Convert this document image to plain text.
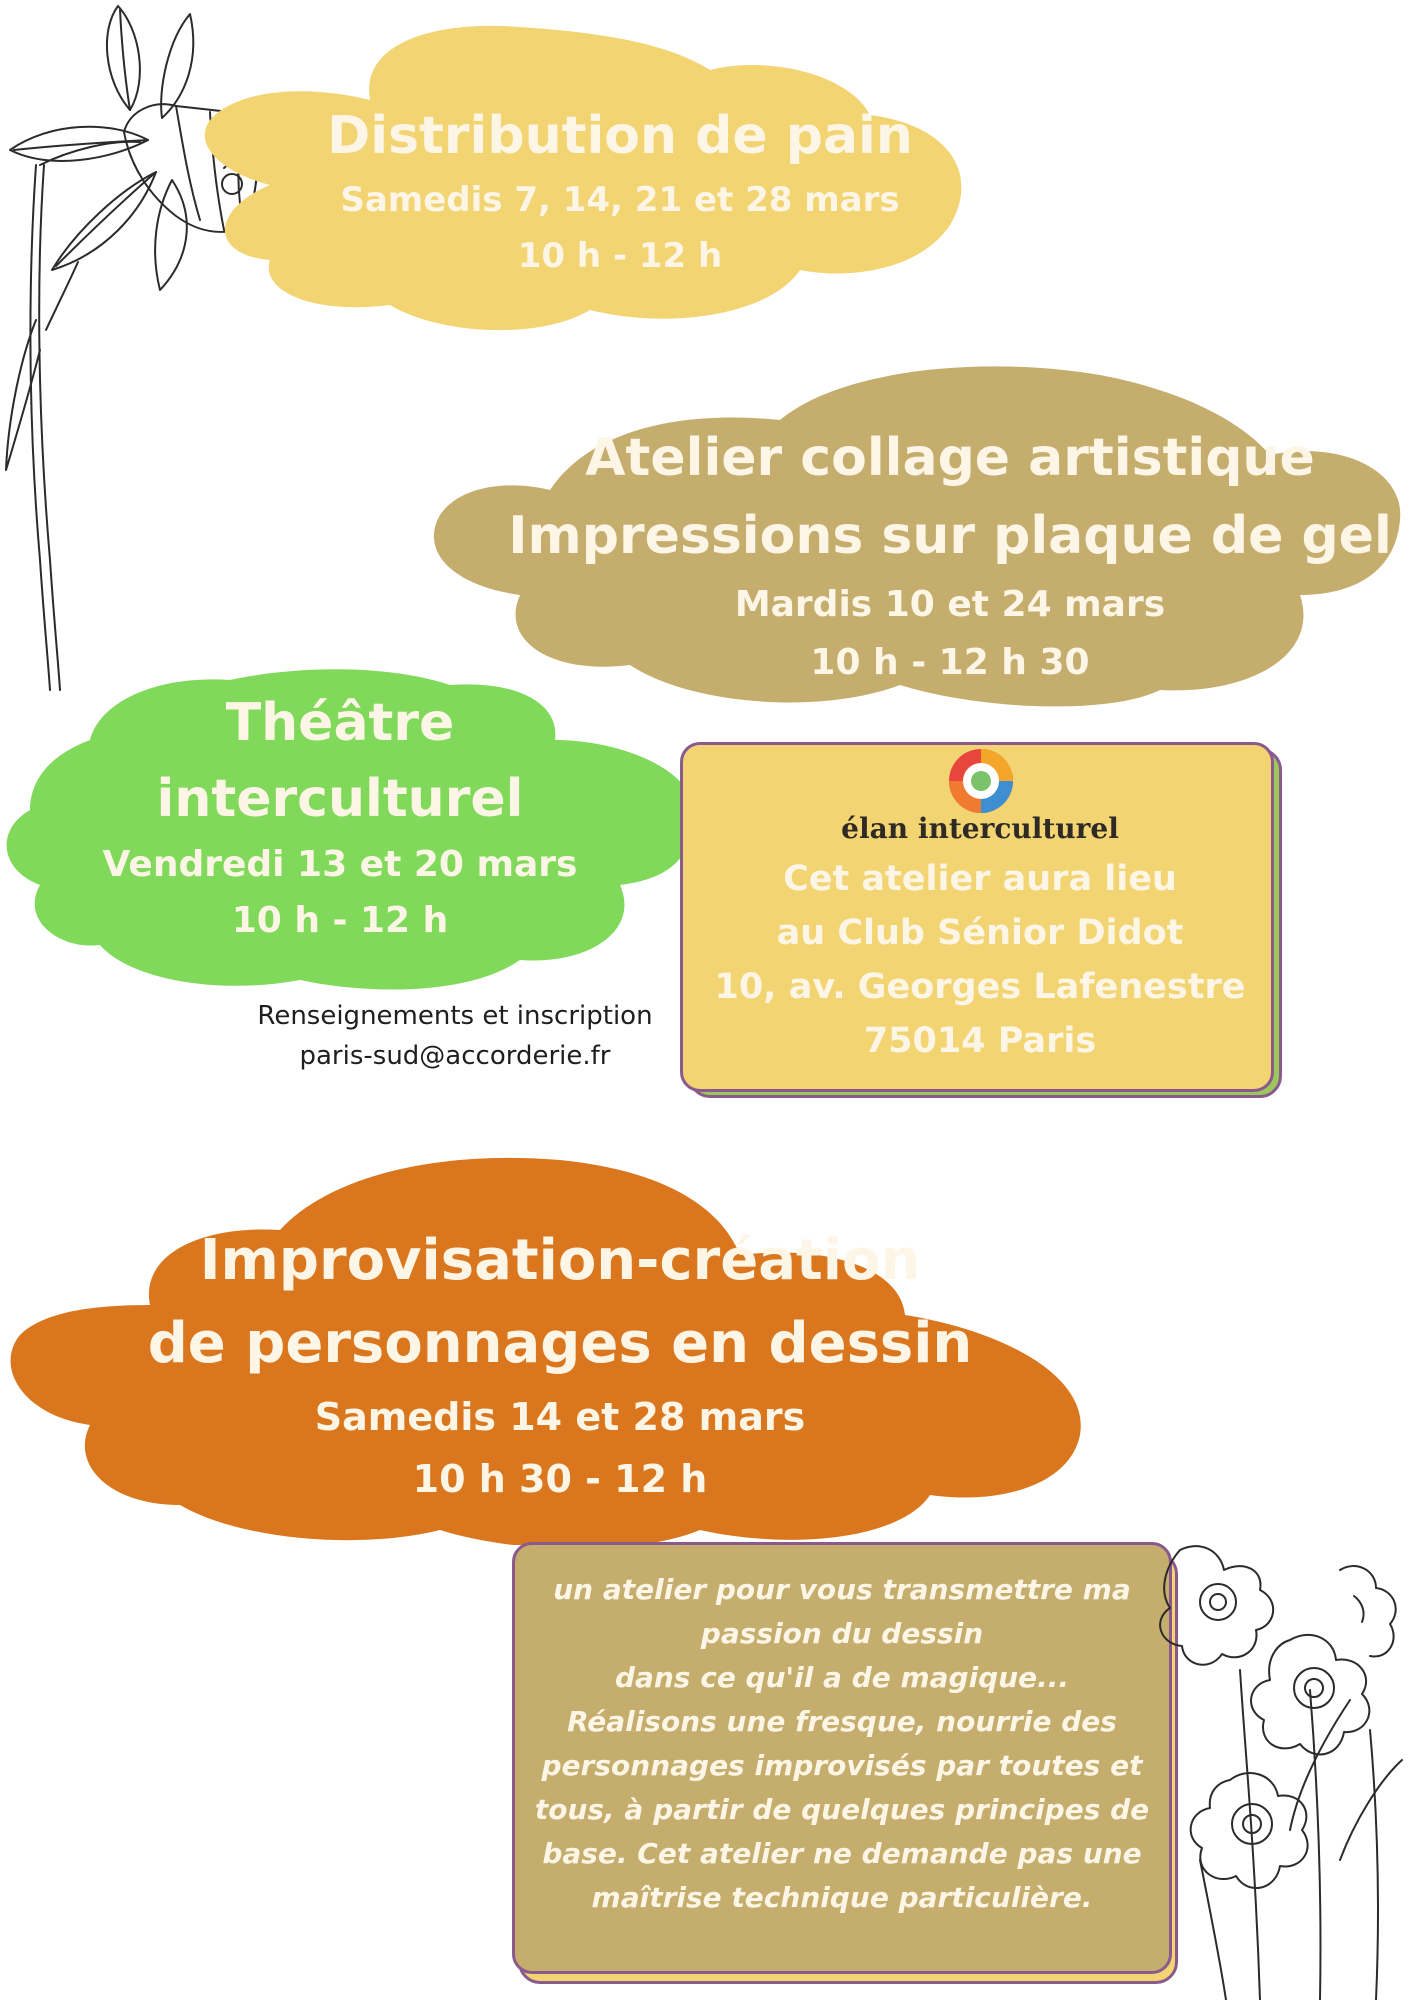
Distribution de pain
Samedis 7, 14, 21 et 28 mars
10 h - 12 h
Atelier collage artistique
Impressions sur plaque de gel
Mardis 10 et 24 mars
10 h - 12 h 30
Théâtre
interculturel
Vendredi 13 et 20 mars
10 h - 12 h
élan interculturel
Cet atelier aura lieu
au Club Sénior Didot
10, av. Georges Lafenestre
75014 Paris
Renseignements et inscription
paris-sud@accorderie.fr
Improvisation-création
de personnages en dessin
Samedis 14 et 28 mars
10 h 30 - 12 h
un atelier pour vous transmettre ma
passion du dessin
dans ce qu'il a de magique...
Réalisons une fresque, nourrie des
personnages improvisés par toutes et
tous, à partir de quelques principes de
base. Cet atelier ne demande pas une
maîtrise technique particulière.
